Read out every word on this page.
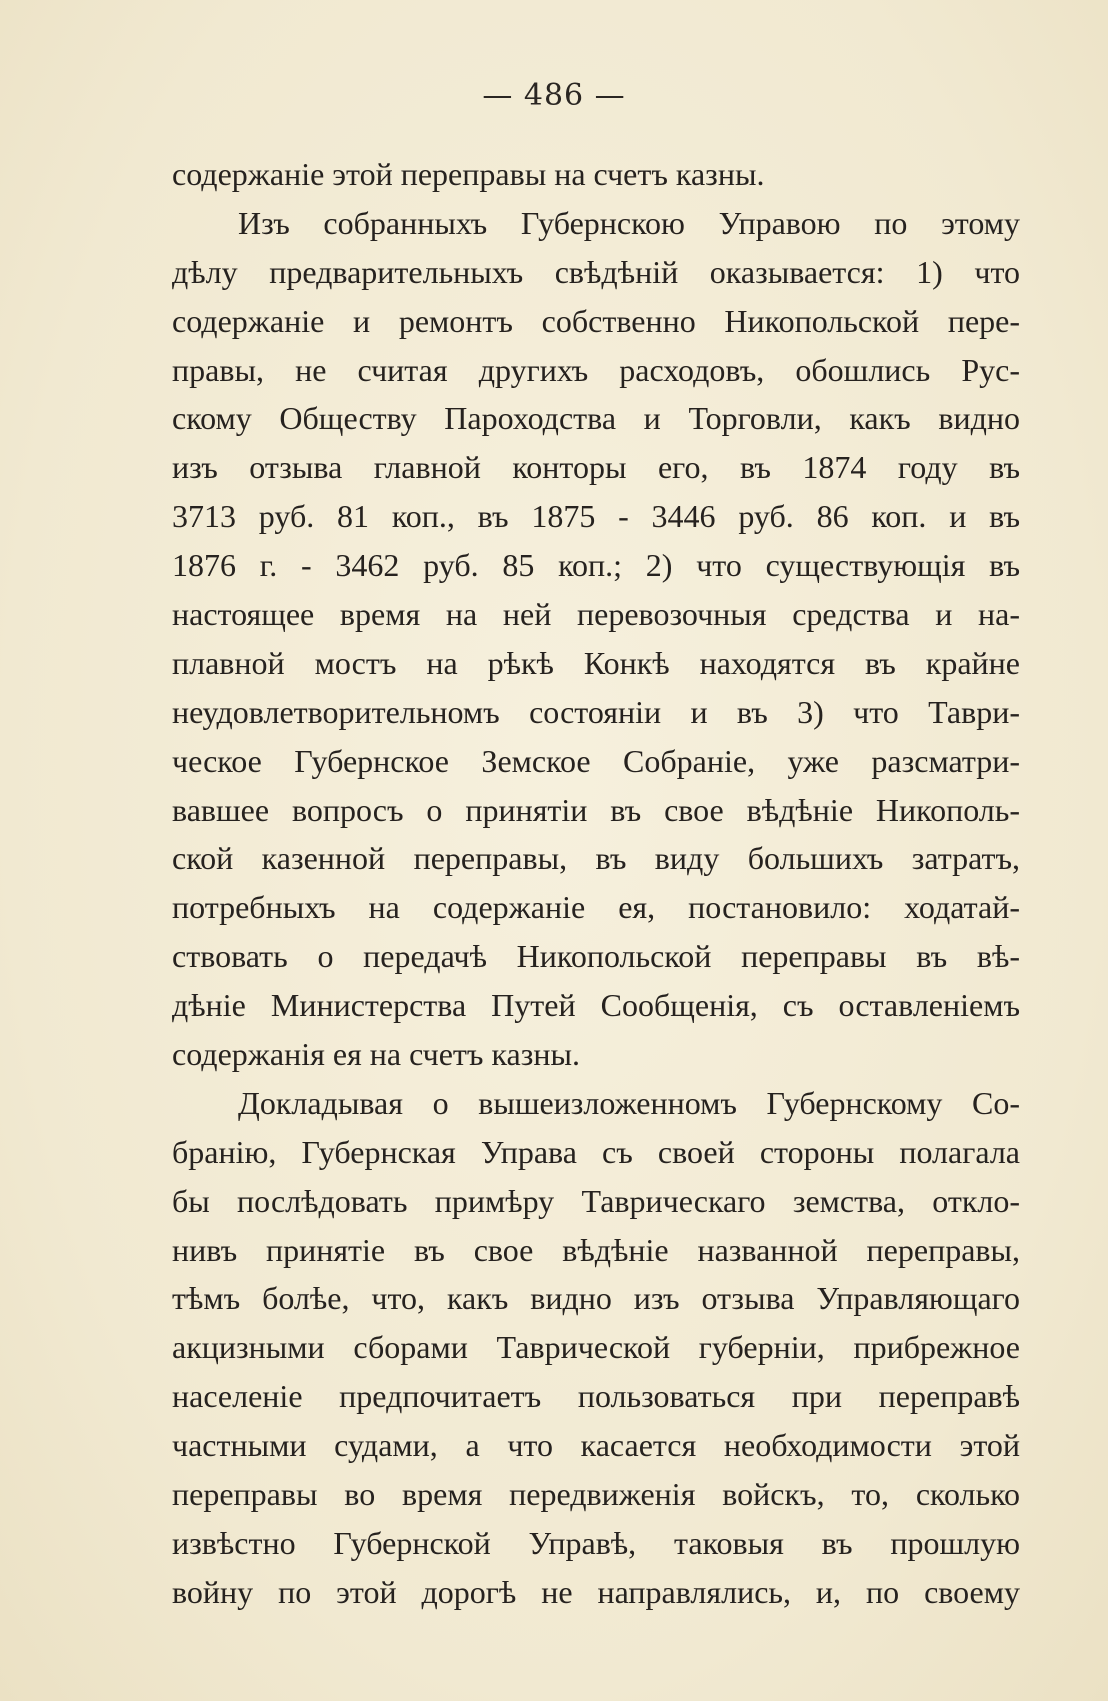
— 486 —
содержаніе этой переправы на счетъ казны.
Изъ собранныхъ Губернскою Управою по этому
дѣлу предварительныхъ свѣдѣній оказывается: 1) что
содержаніе и ремонтъ собственно Никопольской пере-
правы, не считая другихъ расходовъ, обошлись Рус-
скому Обществу Пароходства и Торговли, какъ видно
изъ отзыва главной конторы его, въ 1874 году въ
3713 руб. 81 коп., въ 1875 - 3446 руб. 86 коп. и въ
1876 г. - 3462 руб. 85 коп.; 2) что существующія въ
настоящее время на ней перевозочныя средства и на-
плавной мостъ на рѣкѣ Конкѣ находятся въ крайне
неудовлетворительномъ состояніи и въ 3) что Таври-
ческое Губернское Земское Собраніе, уже разсматри-
вавшее вопросъ о принятіи въ свое вѣдѣніе Никополь-
ской казенной переправы, въ виду большихъ затратъ,
потребныхъ на содержаніе ея, постановило: ходатай-
ствовать о передачѣ Никопольской переправы въ вѣ-
дѣніе Министерства Путей Сообщенія, съ оставленіемъ
содержанія ея на счетъ казны.
Докладывая о вышеизложенномъ Губернскому Со-
бранію, Губернская Управа съ своей стороны полагала
бы послѣдовать примѣру Таврическаго земства, откло-
нивъ принятіе въ свое вѣдѣніе названной переправы,
тѣмъ болѣе, что, какъ видно изъ отзыва Управляющаго
акцизными сборами Таврической губерніи, прибрежное
населеніе предпочитаетъ пользоваться при переправѣ
частными судами, а что касается необходимости этой
переправы во время передвиженія войскъ, то, сколько
извѣстно Губернской Управѣ, таковыя въ прошлую
войну по этой дорогѣ не направлялись, и, по своему
